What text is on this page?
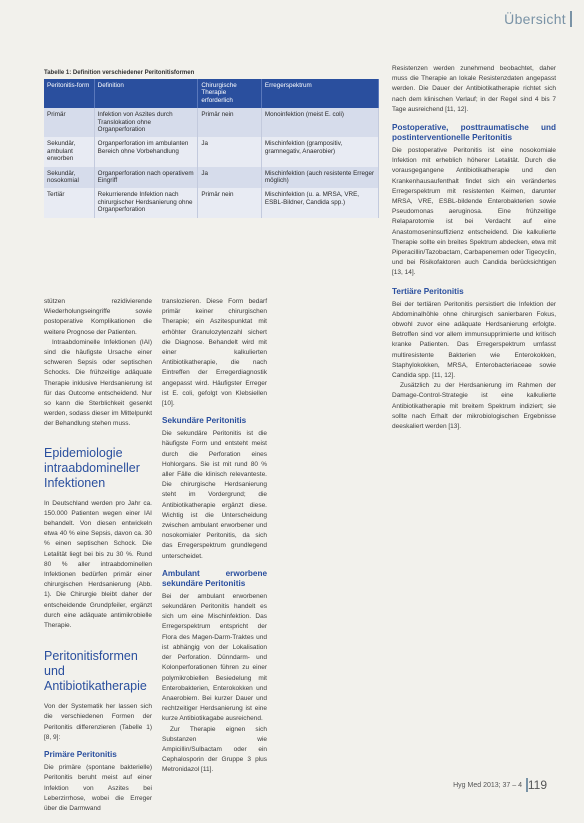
Übersicht
Tabelle 1: Definition verschiedener Peritonitisformen
Peritonitis-form	Definition	Chirurgische Therapie erforderlich	Erregerspektrum
Primär	Infektion von Aszites durch Translokation ohne Organperforation	Primär nein	Monoinfektion (meist E. coli)
Sekundär, ambulant erworben	Organperforation im ambulanten Bereich ohne Vorbehandlung	Ja	Mischinfektion (grampositiv, gramnegativ, Anaerobier)
Sekundär, nosokomial	Organperforation nach operativem Eingriff	Ja	Mischinfektion (auch resistente Erreger möglich)
Tertiär	Rekurrierende Infektion nach chirurgischer Herdsanierung ohne Organperforation	Primär nein	Mischinfektion (u. a. MRSA, VRE, ESBL-Bildner, Candida spp.)

stützen rezidivierende Wiederholungseingriffe sowie postoperative Komplikationen die weitere Prognose der Patienten.

Intraabdominelle Infektionen (IAI) sind die häufigste Ursache einer schweren Sepsis oder septischen Schocks. Die frühzeitige adäquate Therapie inklusive Herdsanierung ist für das Outcome entscheidend. Nur so kann die Sterblichkeit gesenkt werden, sodass dieser im Mittelpunkt der Behandlung stehen muss.

Epidemiologie intraabdomineller Infektionen

In Deutschland werden pro Jahr ca. 150.000 Patienten wegen einer IAI behandelt. Von diesen entwickeln etwa 40 % eine Sepsis, davon ca. 30 % einen septischen Schock. Die Letalität liegt bei bis zu 30 %. Rund 80 % aller intraabdominellen Infektionen bedürfen primär einer chirurgischen Herdsanierung (Abb. 1). Die Chirurgie bleibt daher der entscheidende Grundpfeiler, ergänzt durch eine adäquate antimikrobielle Therapie.

Peritonitisformen und Antibiotikatherapie

Von der Systematik her lassen sich die verschiedenen Formen der Peritonitis differenzieren (Tabelle 1) [8, 9]:

Primäre Peritonitis

Die primäre (spontane bakterielle) Peritonitis beruht meist auf einer Infektion von Aszites bei Leberzirrhose, wobei die Erreger über die Darmwand

translozieren. Diese Form bedarf primär keiner chirurgischen Therapie; ein Aszitespunktat mit erhöhter Granulozytenzahl sichert die Diagnose. Behandelt wird mit einer kalkulierten Antibiotikatherapie, die nach Eintreffen der Erregerdiagnostik angepasst wird. Häufigster Erreger ist E. coli, gefolgt von Klebsiellen [10].

Sekundäre Peritonitis

Die sekundäre Peritonitis ist die häufigste Form und entsteht meist durch die Perforation eines Hohlorgans. Sie ist mit rund 80 % aller Fälle die klinisch relevanteste. Die chirurgische Herdsanierung steht im Vordergrund; die Antibiotikatherapie ergänzt diese. Wichtig ist die Unterscheidung zwischen ambulant erworbener und nosokomialer Peritonitis, da sich das Erregerspektrum grundlegend unterscheidet.

Ambulant erworbene sekundäre Peritonitis

Bei der ambulant erworbenen sekundären Peritonitis handelt es sich um eine Mischinfektion. Das Erregerspektrum entspricht der Flora des Magen-Darm-Traktes und ist abhängig von der Lokalisation der Perforation. Dünndarm- und Kolonperforationen führen zu einer polymikrobiellen Besiedelung mit Enterobakterien, Enterokokken und Anaerobiern. Bei kurzer Dauer und rechtzeitiger Herdsanierung ist eine kurze Antibiotikagabe ausreichend.

Zur Therapie eignen sich Substanzen wie Ampicillin/Sulbactam oder ein Cephalosporin der Gruppe 3 plus Metronidazol [11].

Resistenzen werden zunehmend beobachtet, daher muss die Therapie an lokale Resistenzdaten angepasst werden. Die Dauer der Antibiotikatherapie richtet sich nach dem klinischen Verlauf; in der Regel sind 4 bis 7 Tage ausreichend [11, 12].

Postoperative, posttraumatische und postinterventionelle Peritonitis

Die postoperative Peritonitis ist eine nosokomiale Infektion mit erheblich höherer Letalität. Durch die vorausgegangene Antibiotikatherapie und den Krankenhausaufenthalt findet sich ein verändertes Erregerspektrum mit resistenten Keimen, darunter MRSA, VRE, ESBL-bildende Enterobakterien sowie Pseudomonas aeruginosa. Eine frühzeitige Relaparotomie ist bei Verdacht auf eine Anastomoseninsuffizienz entscheidend. Die kalkulierte Therapie sollte ein breites Spektrum abdecken, etwa mit Piperacillin/Tazobactam, Carbapenemen oder Tigecyclin, und bei Risikofaktoren auch Candida berücksichtigen [13, 14].

Tertiäre Peritonitis

Bei der tertiären Peritonitis persistiert die Infektion der Abdominalhöhle ohne chirurgisch sanierbaren Fokus, obwohl zuvor eine adäquate Herdsanierung erfolgte. Betroffen sind vor allem immunsupprimierte und kritisch kranke Patienten. Das Erregerspektrum umfasst multiresistente Bakterien wie Enterokokken, Staphylokokken, MRSA, Enterobacteriaceae sowie Candida spp. [11, 12].

Zusätzlich zu der Herdsanierung im Rahmen der Damage-Control-Strategie ist eine kalkulierte Antibiotikatherapie mit breitem Spektrum indiziert; sie sollte nach Erhalt der mikrobiologischen Ergebnisse deeskaliert werden [13].

Hyg Med 2013; 37 – 4 119
